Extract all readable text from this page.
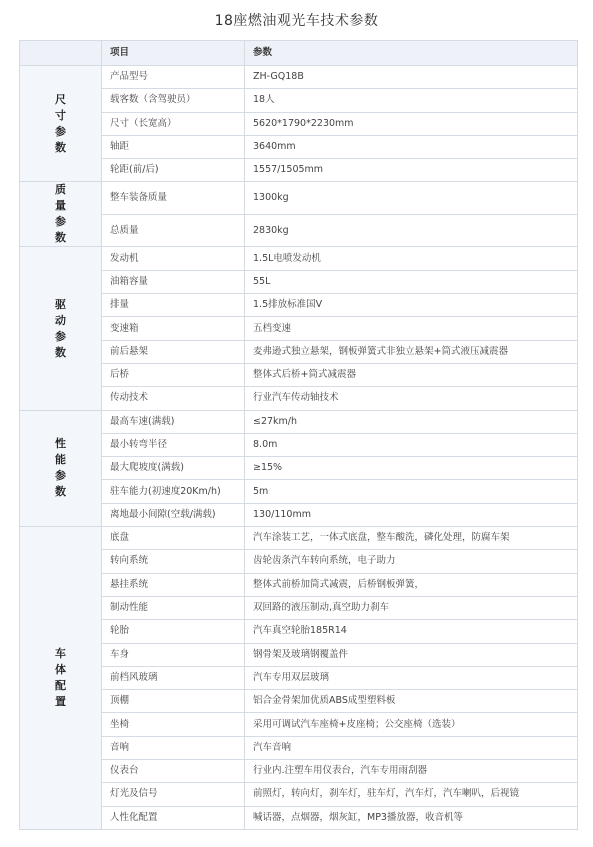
18座燃油观光车技术参数
	项目	参数

尺
寸
参
数	产品型号	ZH-GQ18B
	载客数（含驾驶员）	18人
	尺寸（长宽高）	5620*1790*2230mm
	轴距	3640mm
	轮距(前/后)	1557/1505mm

质
量
参
数	整车装备质量	1300kg
	总质量	2830kg

驱
动
参
数	发动机	1.5L电喷发动机
	油箱容量	55L
	排量	1.5排放标准国Ⅴ
	变速箱	五档变速
	前后悬架	麦弗逊式独立悬架，钢板弹簧式非独立悬架+筒式液压减震器
	后桥	整体式后桥+筒式减震器
	传动技术	行业汽车传动轴技术

性
能
参
数	最高车速(满载)	≤27km/h
	最小转弯半径	8.0m
	最大爬坡度(满载)	≥15%
	驻车能力(初速度20Km/h)	5m
	离地最小间隙(空载/满载)	130/110mm

车
体
配
置	底盘	汽车涂装工艺，一体式底盘，整车酸洗，磷化处理，防腐车架
	转向系统	齿轮齿条汽车转向系统，电子助力
	悬挂系统	整体式前桥加筒式减震，后桥钢板弹簧，
	制动性能	双回路的液压制动,真空助力刹车
	轮胎	汽车真空轮胎185R14
	车身	钢骨架及玻璃钢覆盖件
	前档风玻璃	汽车专用双层玻璃
	顶棚	铝合金骨架加优质ABS成型塑料板
	坐椅	采用可调试汽车座椅+皮座椅；公交座椅（选装）
	音响	汽车音响
	仪表台	行业内.注塑车用仪表台，汽车专用雨刮器
	灯光及信号	前照灯，转向灯，刹车灯，驻车灯，汽车灯，汽车喇叭，后视镜
	人性化配置	喊话器，点烟器，烟灰缸，MP3播放器，收音机等
